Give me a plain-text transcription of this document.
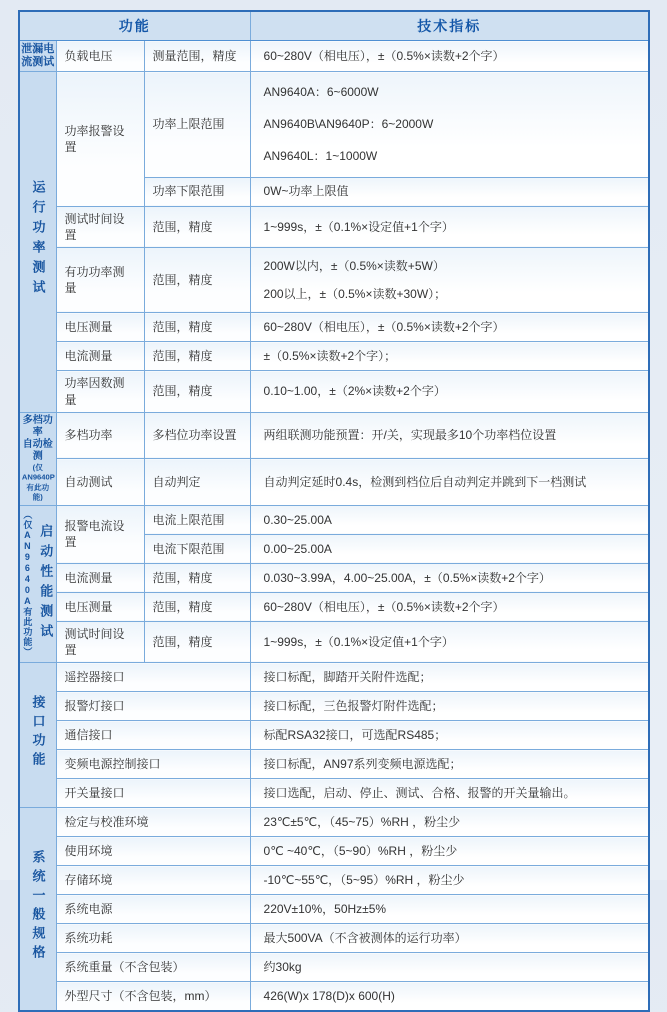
功能			技术指标

泄漏电
流测试	负载电压	测量范围，精度	60~280V（相电压），±（0.5%×读数+2个字）
运行功率测试	功率报警设置	功率上限范围	AN9640A：6~6000W
AN9640B\AN9640P：6~2000W
AN9640L：1~1000W

		功率下限范围	0W~功率上限值
	测试时间设置	范围，精度	1~999s，±（0.1%×设定值+1个字）
	有功功率测量	范围，精度	200W以内，±（0.5%×读数+5W）
200以上，±（0.5%×读数+30W）；

	电压测量	范围，精度	60~280V（相电压），±（0.5%×读数+2个字）
	电流测量	范围，精度	±（0.5%×读数+2个字）；
	功率因数测量	范围，精度	0.10~1.00，±（2%×读数+2个字）

多档功率
自动检测
(仅AN9640P
有此功能)	多档功率	多档位功率设置	两组联测功能预置：开/关，实现最多10个功率档位设置
	自动测试	自动判定	自动判定延时0.4s，检测到档位后自动判定并跳到下一档测试

（仅AN9640A有此功能） 启动性能测试	报警电流设置	电流上限范围	0.30~25.00A
		电流下限范围	0.00~25.00A
	电流测量	范围，精度	0.030~3.99A，4.00~25.00A，±（0.5%×读数+2个字）
	电压测量	范围，精度	60~280V（相电压），±（0.5%×读数+2个字）
	测试时间设置	范围，精度	1~999s，±（0.1%×设定值+1个字）
接口功能	遥控器接口		接口标配，脚踏开关附件选配；
	报警灯接口		接口标配，三色报警灯附件选配；
	通信接口		标配RSA32接口，可选配RS485；
	变频电源控制接口		接口标配，AN97系列变频电源选配；
	开关量接口		接口选配，启动、停止、测试、合格、报警的开关量输出。
系统一般规格	检定与校准环境		23℃±5℃，（45~75）%RH ，粉尘少
	使用环境		0℃ ~40℃，（5~90）%RH ，粉尘少
	存储环境		-10℃~55℃，（5~95）%RH ，粉尘少
	系统电源		220V±10%，50Hz±5%
	系统功耗		最大500VA（不含被测体的运行功率）
	系统重量（不含包装）		约30kg
	外型尺寸（不含包装，mm）		426(W)x 178(D)x 600(H)
